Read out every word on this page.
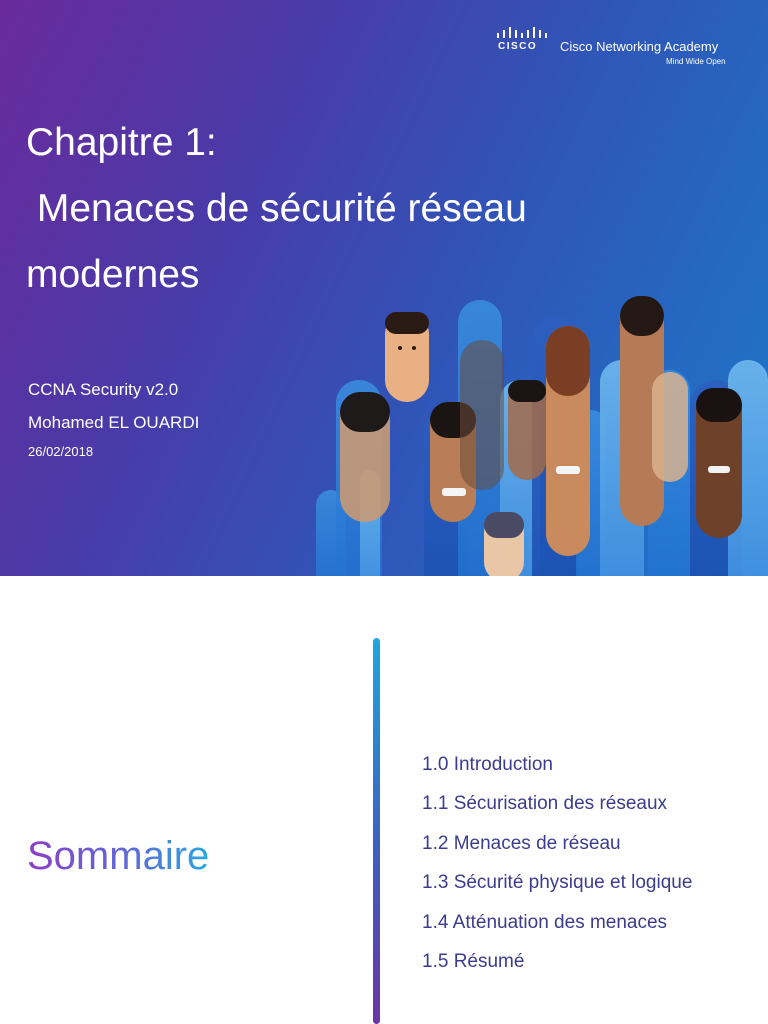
CISCO Cisco Networking Academy
Mind Wide Open
Chapitre 1:
Menaces de sécurité réseau
modernes
CCNA Security v2.0
Mohamed EL OUARDI
26/02/2018
Sommaire
1.0 Introduction
1.1 Sécurisation des réseaux
1.2 Menaces de réseau
1.3 Sécurité physique et logique
1.4 Atténuation des menaces
1.5 Résumé
